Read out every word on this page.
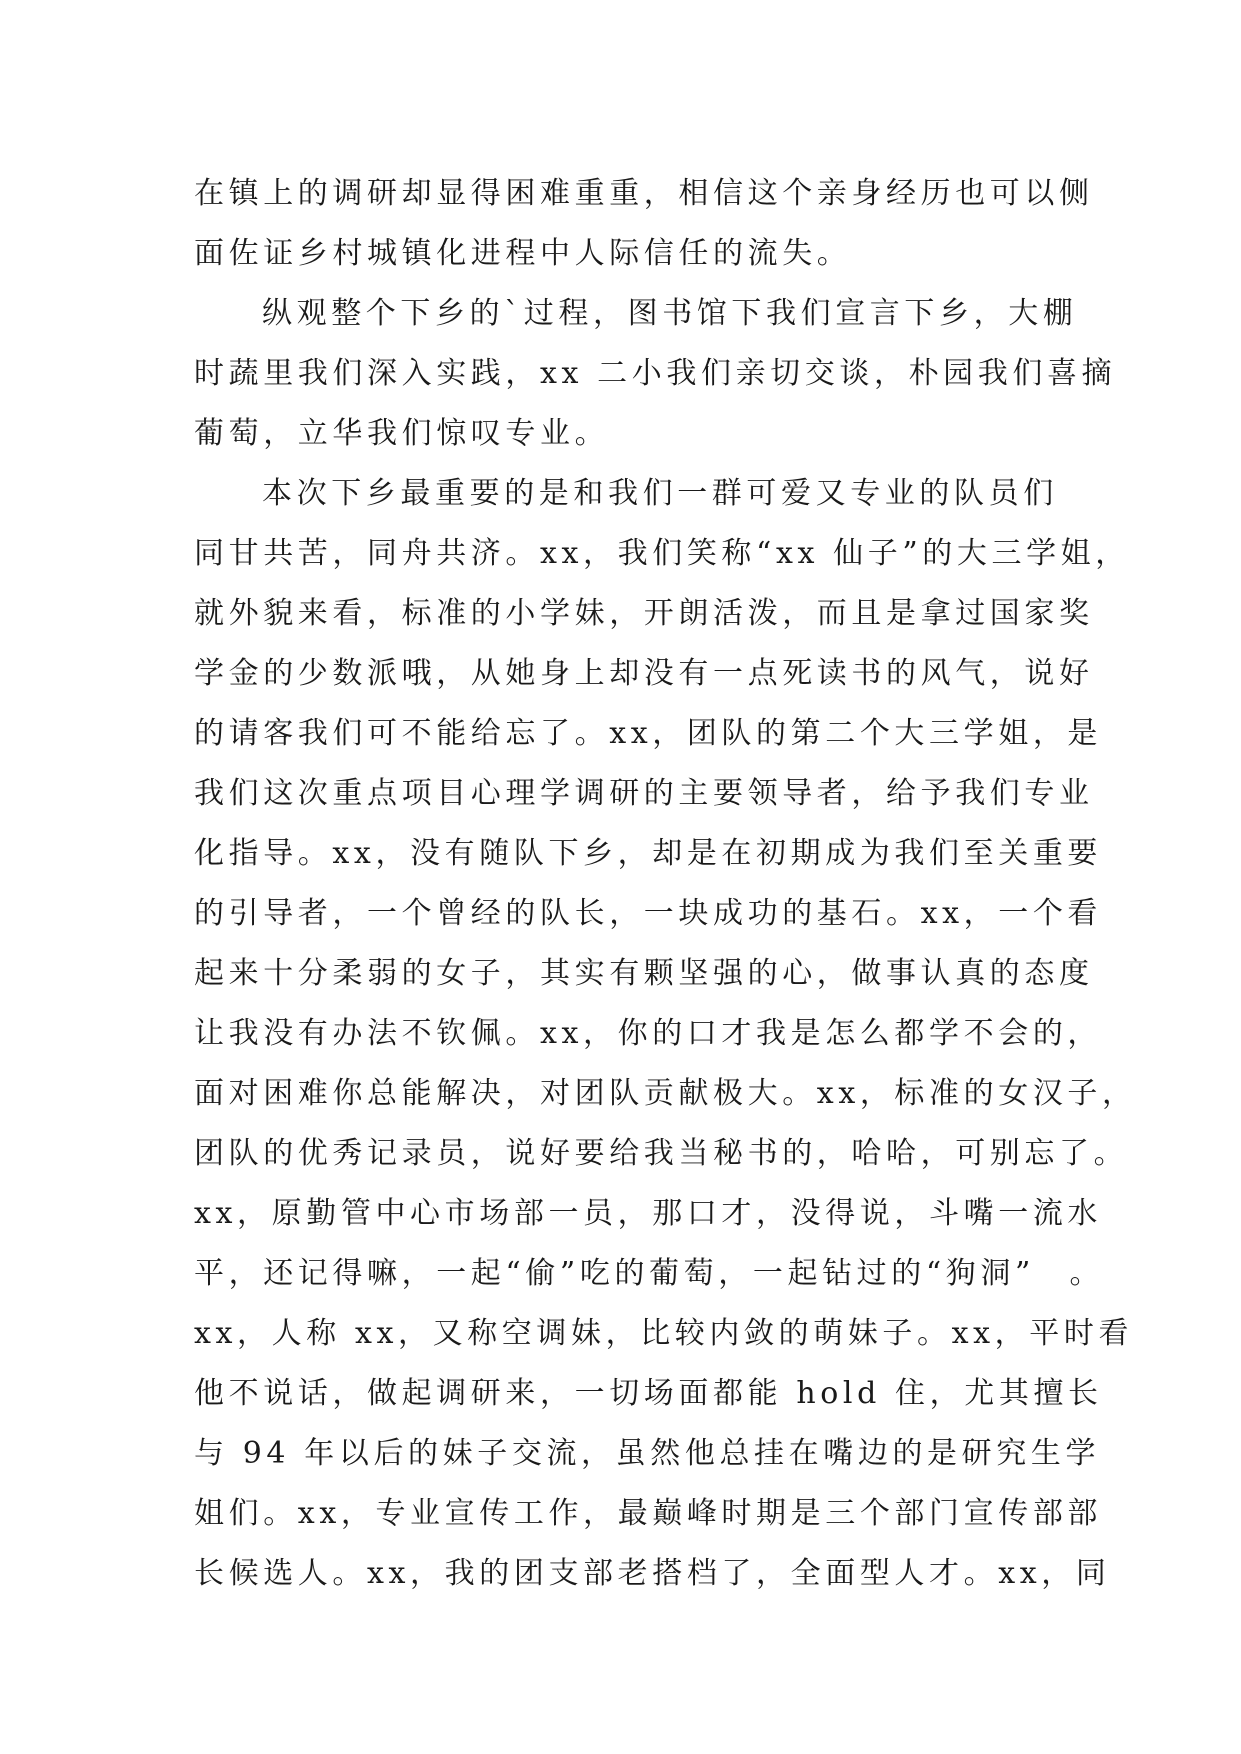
在镇上的调研却显得困难重重，相信这个亲身经历也可以侧
面佐证乡村城镇化进程中人际信任的流失。
纵观整个下乡的`过程，图书馆下我们宣言下乡，大棚
时蔬里我们深入实践，xx 二小我们亲切交谈，朴园我们喜摘
葡萄，立华我们惊叹专业。
本次下乡最重要的是和我们一群可爱又专业的队员们
同甘共苦，同舟共济。xx，我们笑称“xx 仙子”的大三学姐，
就外貌来看，标准的小学妹，开朗活泼，而且是拿过国家奖
学金的少数派哦，从她身上却没有一点死读书的风气，说好
的请客我们可不能给忘了。xx，团队的第二个大三学姐，是
我们这次重点项目心理学调研的主要领导者，给予我们专业
化指导。xx，没有随队下乡，却是在初期成为我们至关重要
的引导者，一个曾经的队长，一块成功的基石。xx，一个看
起来十分柔弱的女子，其实有颗坚强的心，做事认真的态度
让我没有办法不钦佩。xx，你的口才我是怎么都学不会的，
面对困难你总能解决，对团队贡献极大。xx，标准的女汉子，
团队的优秀记录员，说好要给我当秘书的，哈哈，可别忘了。
xx，原勤管中心市场部一员，那口才，没得说，斗嘴一流水
平，还记得嘛，一起“偷”吃的葡萄，一起钻过的“狗洞”　。
xx，人称 xx，又称空调妹，比较内敛的萌妹子。xx，平时看
他不说话，做起调研来，一切场面都能 hold 住，尤其擅长
与 94 年以后的妹子交流，虽然他总挂在嘴边的是研究生学
姐们。xx，专业宣传工作，最巅峰时期是三个部门宣传部部
长候选人。xx，我的团支部老搭档了，全面型人才。xx，同
